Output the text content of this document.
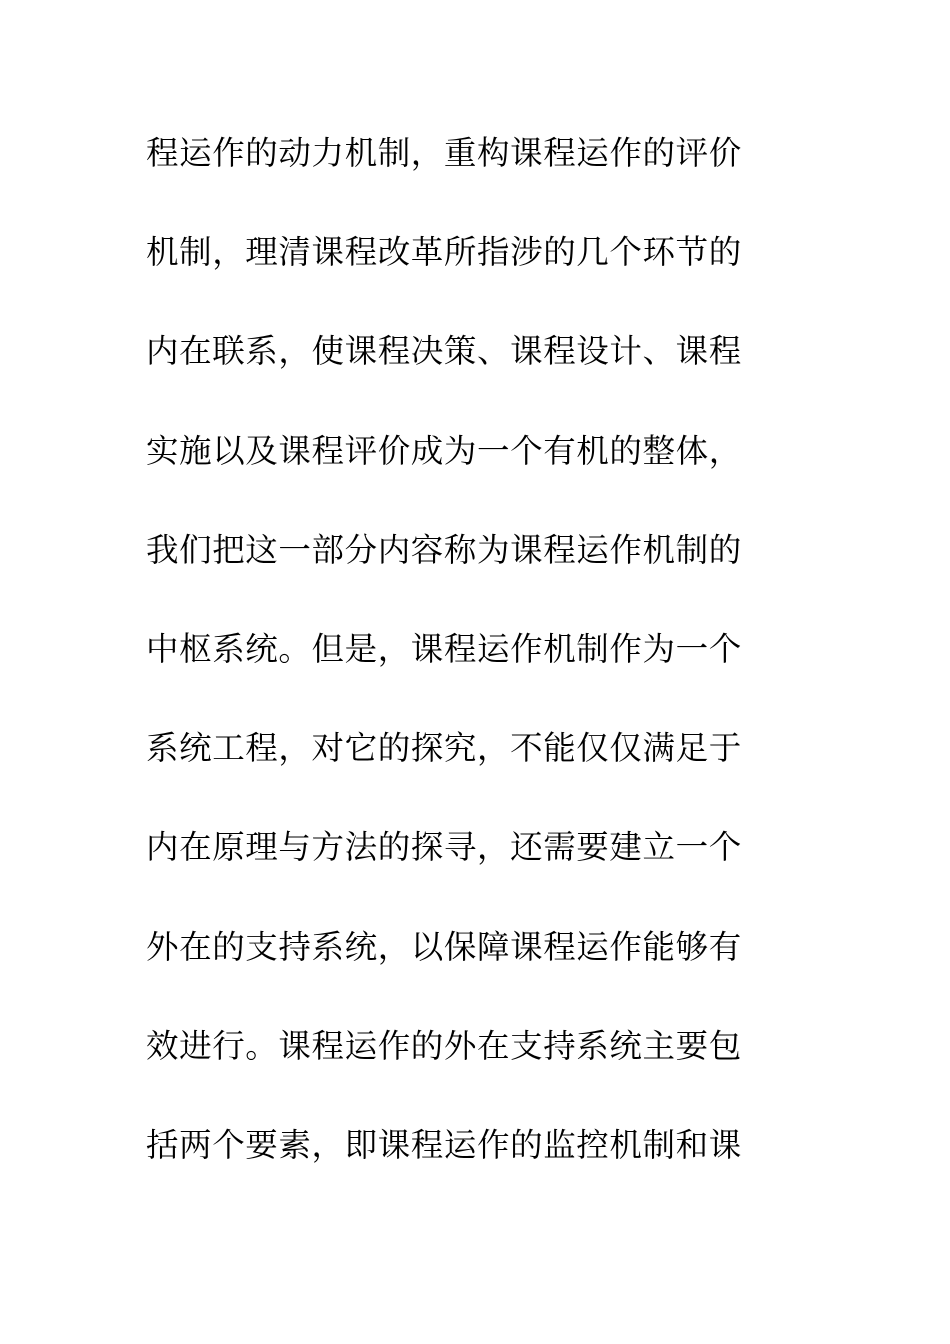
程运作的动力机制，重构课程运作的评价
机制，理清课程改革所指涉的几个环节的
内在联系，使课程决策、课程设计、课程
实施以及课程评价成为一个有机的整体，
我们把这一部分内容称为课程运作机制的
中枢系统。但是，课程运作机制作为一个
系统工程，对它的探究，不能仅仅满足于
内在原理与方法的探寻，还需要建立一个
外在的支持系统，以保障课程运作能够有
效进行。课程运作的外在支持系统主要包
括两个要素，即课程运作的监控机制和课
